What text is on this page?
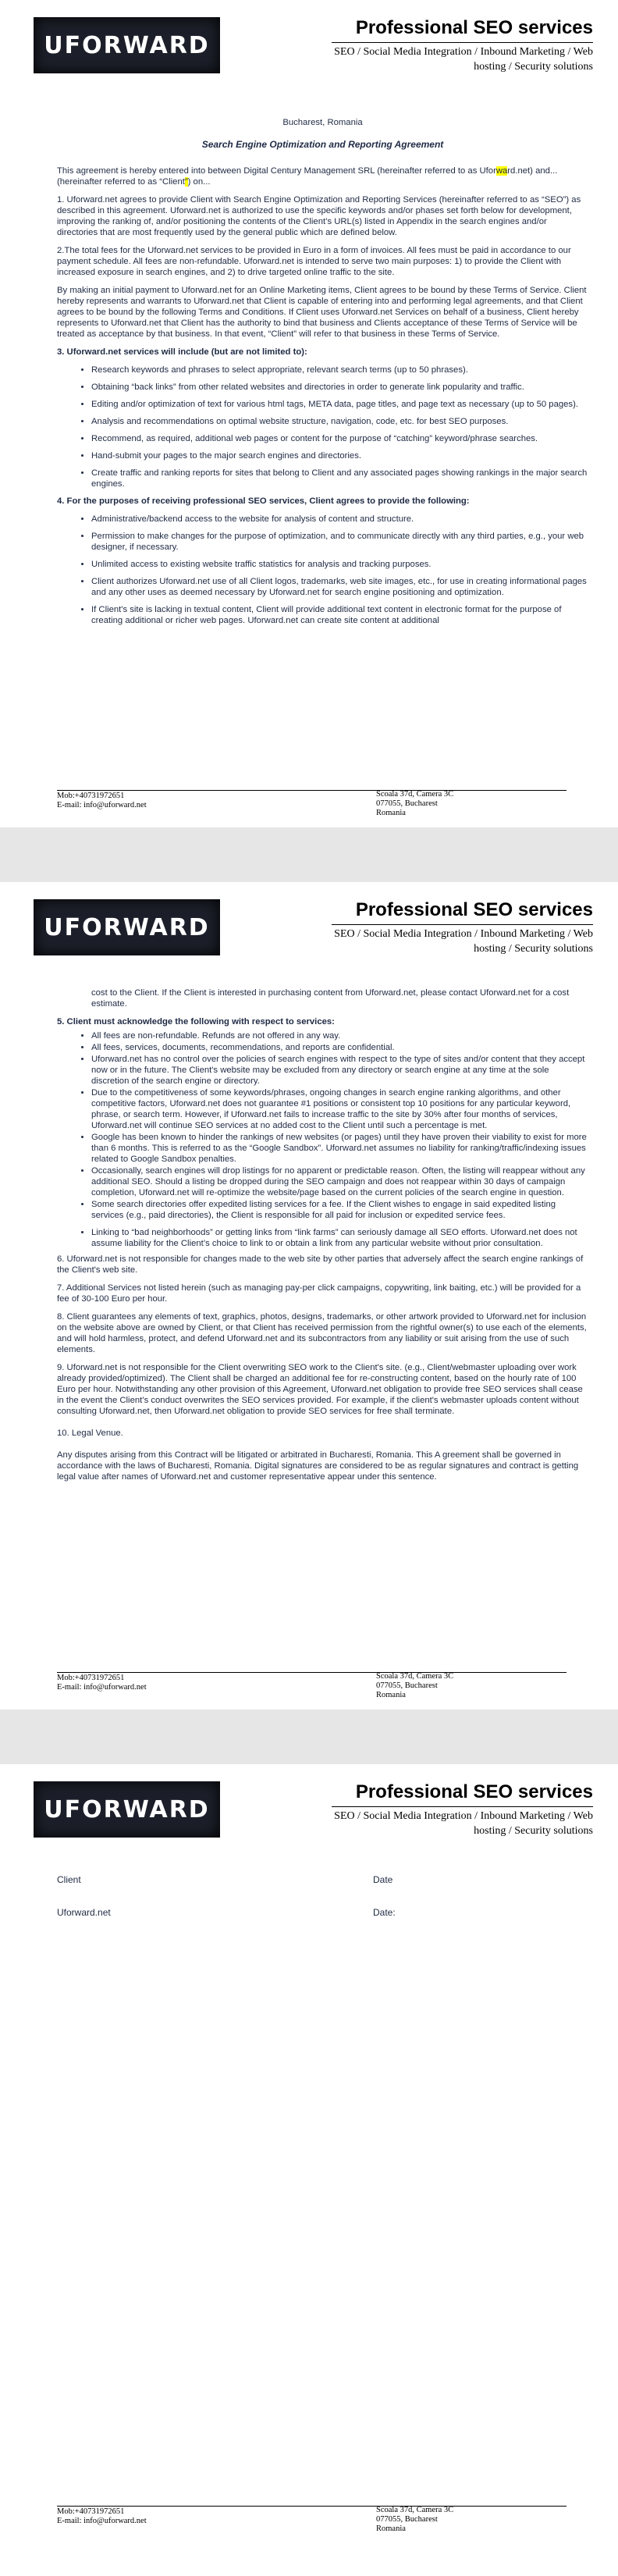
UFORWARD
Professional SEO services
SEO / Social Media Integration / Inbound Marketing / Web hosting / Security solutions

Bucharest, Romania

Search Engine Optimization and Reporting Agreement

This agreement is hereby entered into between Digital Century Management SRL (hereinafter referred to as Uforward.net) and... (hereinafter referred to as “Client”) on...

1. Uforward.net agrees to provide Client with Search Engine Optimization and Reporting Services (hereinafter referred to as “SEO”) as described in this agreement. Uforward.net is authorized to use the specific keywords and/or phases set forth below for development, improving the ranking of, and/or positioning the contents of the Client’s URL(s) listed in Appendix in the search engines and/or directories that are most frequently used by the general public which are defined below.

2.The total fees for the Uforward.net services to be provided in Euro in a form of invoices. All fees must be paid in accordance to our payment schedule. All fees are non-refundable. Uforward.net is intended to serve two main purposes: 1) to provide the Client with increased exposure in search engines, and 2) to drive targeted online traffic to the site.

By making an initial payment to Uforward.net for an Online Marketing items, Client agrees to be bound by these Terms of Service. Client hereby represents and warrants to Uforward.net that Client is capable of entering into and performing legal agreements, and that Client agrees to be bound by the following Terms and Conditions. If Client uses Uforward.net Services on behalf of a business, Client hereby represents to Uforward.net that Client has the authority to bind that business and Clients acceptance of these Terms of Service will be treated as acceptance by that business. In that event, “Client” will refer to that business in these Terms of Service.

3. Uforward.net services will include (but are not limited to):

• Research keywords and phrases to select appropriate, relevant search terms (up to 50 phrases).
• Obtaining “back links” from other related websites and directories in order to generate link popularity and traffic.
• Editing and/or optimization of text for various html tags, META data, page titles, and page text as necessary (up to 50 pages).
• Analysis and recommendations on optimal website structure, navigation, code, etc. for best SEO purposes.
• Recommend, as required, additional web pages or content for the purpose of “catching” keyword/phrase searches.
• Hand-submit your pages to the major search engines and directories.
• Create traffic and ranking reports for sites that belong to Client and any associated pages showing rankings in the major search engines.

4. For the purposes of receiving professional SEO services, Client agrees to provide the following:

• Administrative/backend access to the website for analysis of content and structure.
• Permission to make changes for the purpose of optimization, and to communicate directly with any third parties, e.g., your web designer, if necessary.
• Unlimited access to existing website traffic statistics for analysis and tracking purposes.
• Client authorizes Uforward.net use of all Client logos, trademarks, web site images, etc., for use in creating informational pages and any other uses as deemed necessary by Uforward.net for search engine positioning and optimization.
• If Client's site is lacking in textual content, Client will provide additional text content in electronic format for the purpose of creating additional or richer web pages. Uforward.net can create site content at additional
Mob:+40731972651
E-mail: info@uforward.net
Scoala 37d, Camera 3C
077055, Bucharest
Romania
UFORWARD
Professional SEO services
SEO / Social Media Integration / Inbound Marketing / Web hosting / Security solutions

cost to the Client. If the Client is interested in purchasing content from Uforward.net, please contact Uforward.net for a cost estimate.

5. Client must acknowledge the following with respect to services:

• All fees are non-refundable. Refunds are not offered in any way.
• All fees, services, documents, recommendations, and reports are confidential.
• Uforward.net has no control over the policies of search engines with respect to the type of sites and/or content that they accept now or in the future. The Client's website may be excluded from any directory or search engine at any time at the sole discretion of the search engine or directory.
• Due to the competitiveness of some keywords/phrases, ongoing changes in search engine ranking algorithms, and other competitive factors, Uforward.net does not guarantee #1 positions or consistent top 10 positions for any particular keyword, phrase, or search term. However, if Uforward.net fails to increase traffic to the site by 30% after four months of services, Uforward.net will continue SEO services at no added cost to the Client until such a percentage is met.
• Google has been known to hinder the rankings of new websites (or pages) until they have proven their viability to exist for more than 6 months. This is referred to as the “Google Sandbox”. Uforward.net assumes no liability for ranking/traffic/indexing issues related to Google Sandbox penalties.
• Occasionally, search engines will drop listings for no apparent or predictable reason. Often, the listing will reappear without any additional SEO. Should a listing be dropped during the SEO campaign and does not reappear within 30 days of campaign completion, Uforward.net will re-optimize the website/page based on the current policies of the search engine in question.
• Some search directories offer expedited listing services for a fee. If the Client wishes to engage in said expedited listing services (e.g., paid directories), the Client is responsible for all paid for inclusion or expedited service fees.
• Linking to “bad neighborhoods” or getting links from “link farms” can seriously damage all SEO efforts. Uforward.net does not assume liability for the Client’s choice to link to or obtain a link from any particular website without prior consultation.

6. Uforward.net is not responsible for changes made to the web site by other parties that adversely affect the search engine rankings of the Client's web site.

7. Additional Services not listed herein (such as managing pay-per click campaigns, copywriting, link baiting, etc.) will be provided for a fee of 30-100 Euro per hour.

8. Client guarantees any elements of text, graphics, photos, designs, trademarks, or other artwork provided to Uforward.net for inclusion on the website above are owned by Client, or that Client has received permission from the rightful owner(s) to use each of the elements, and will hold harmless, protect, and defend Uforward.net and its subcontractors from any liability or suit arising from the use of such elements.

9. Uforward.net is not responsible for the Client overwriting SEO work to the Client's site. (e.g., Client/webmaster uploading over work already provided/optimized). The Client shall be charged an additional fee for re-constructing content, based on the hourly rate of 100 Euro per hour. Notwithstanding any other provision of this Agreement, Uforward.net obligation to provide free SEO services shall cease in the event the Client’s conduct overwrites the SEO services provided. For example, if the client's webmaster uploads content without consulting Uforward.net, then Uforward.net obligation to provide SEO services for free shall terminate.

10. Legal Venue.

Any disputes arising from this Contract will be litigated or arbitrated in Bucharesti, Romania. This A greement shall be governed in accordance with the laws of Bucharesti, Romania. Digital signatures are considered to be as regular signatures and contract is getting legal value after names of Uforward.net and customer representative appear under this sentence.

Mob:+40731972651
E-mail: info@uforward.net
Scoala 37d, Camera 3C
077055, Bucharest
Romania
UFORWARD
Professional SEO services
SEO / Social Media Integration / Inbound Marketing / Web hosting / Security solutions
Client	Date
Uforward.net	Date:
Mob:+40731972651
E-mail: info@uforward.net
Scoala 37d, Camera 3C
077055, Bucharest
Romania
